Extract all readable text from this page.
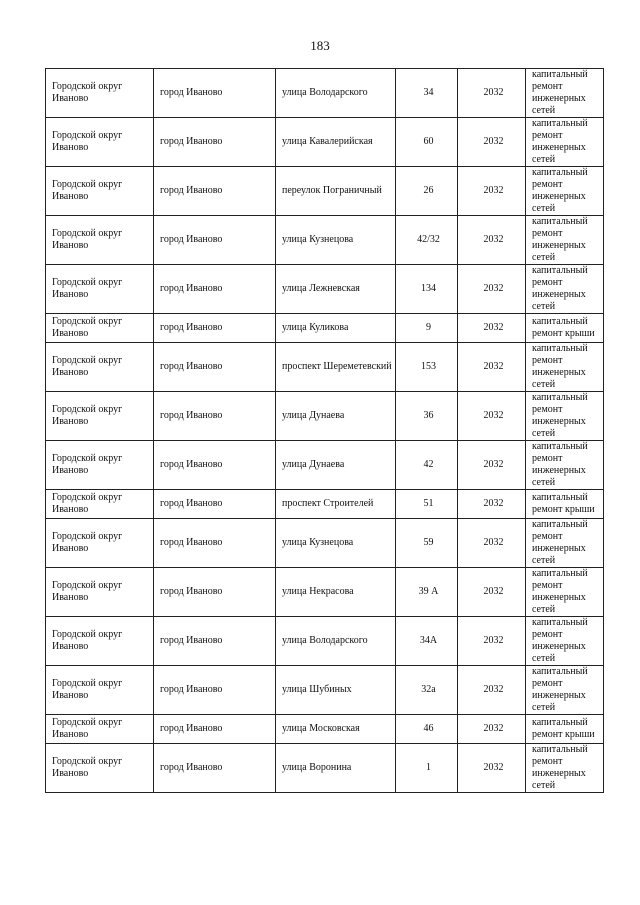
183
Городской округ Иваново	город Иваново	улица Володарского	34	2032	капитальный ремонт инженерных сетей
Городской округ Иваново	город Иваново	улица Кавалерийская	60	2032	капитальный ремонт инженерных сетей
Городской округ Иваново	город Иваново	переулок Пограничный	26	2032	капитальный ремонт инженерных сетей
Городской округ Иваново	город Иваново	улица Кузнецова	42/32	2032	капитальный ремонт инженерных сетей
Городской округ Иваново	город Иваново	улица Лежневская	134	2032	капитальный ремонт инженерных сетей
Городской округ Иваново	город Иваново	улица Куликова	9	2032	капитальный ремонт крыши
Городской округ Иваново	город Иваново	проспект Шереметевский	153	2032	капитальный ремонт инженерных сетей
Городской округ Иваново	город Иваново	улица Дунаева	36	2032	капитальный ремонт инженерных сетей
Городской округ Иваново	город Иваново	улица Дунаева	42	2032	капитальный ремонт инженерных сетей
Городской округ Иваново	город Иваново	проспект Строителей	51	2032	капитальный ремонт крыши
Городской округ Иваново	город Иваново	улица Кузнецова	59	2032	капитальный ремонт инженерных сетей
Городской округ Иваново	город Иваново	улица Некрасова	39 А	2032	капитальный ремонт инженерных сетей
Городской округ Иваново	город Иваново	улица Володарского	34А	2032	капитальный ремонт инженерных сетей
Городской округ Иваново	город Иваново	улица Шубиных	32а	2032	капитальный ремонт инженерных сетей
Городской округ Иваново	город Иваново	улица Московская	46	2032	капитальный ремонт крыши
Городской округ Иваново	город Иваново	улица Воронина	1	2032	капитальный ремонт инженерных сетей
